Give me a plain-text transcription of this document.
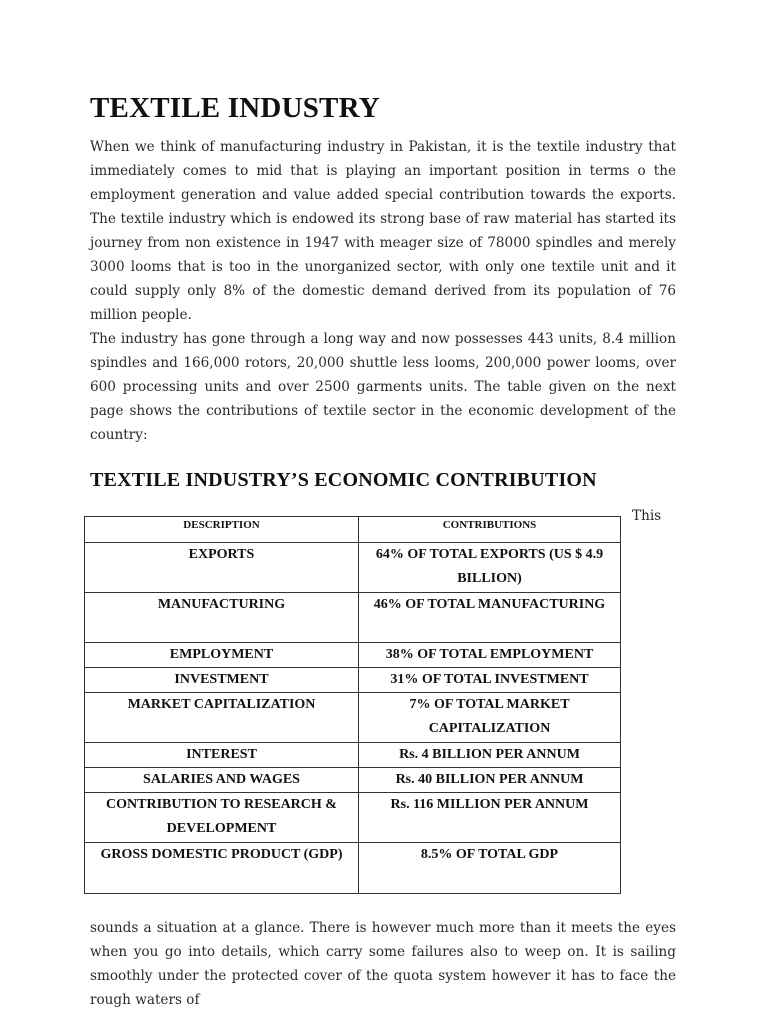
TEXTILE INDUSTRY

When we think of manufacturing industry in Pakistan, it is the textile industry that immediately comes to mid that is playing an important position in terms o the employment generation and value added special contribution towards the exports. The textile industry which is endowed its strong base of raw material has started its journey from non existence in 1947 with meager size of 78000 spindles and merely 3000 looms that is too in the unorganized sector, with only one textile unit and it could supply only 8% of the domestic demand derived from its population of 76 million people.

The industry has gone through a long way and now possesses 443 units, 8.4 million spindles and 166,000 rotors, 20,000 shuttle less looms, 200,000 power looms, over 600 processing units and over 2500 garments units. The table given on the next page shows the contributions of textile sector in the economic development of the country:

TEXTILE INDUSTRY’S ECONOMIC CONTRIBUTION
This
DESCRIPTION	CONTRIBUTIONS
EXPORTS	64% OF TOTAL EXPORTS (US $ 4.9 BILLION)
MANUFACTURING	46% OF TOTAL MANUFACTURING
EMPLOYMENT	38% OF TOTAL EMPLOYMENT
INVESTMENT	31% OF TOTAL INVESTMENT
MARKET CAPITALIZATION	7% OF TOTAL MARKET CAPITALIZATION
INTEREST	Rs. 4 BILLION PER ANNUM
SALARIES AND WAGES	Rs. 40 BILLION PER ANNUM
CONTRIBUTION TO RESEARCH & DEVELOPMENT	Rs. 116 MILLION PER ANNUM
GROSS DOMESTIC PRODUCT (GDP)	8.5% OF TOTAL GDP

sounds a situation at a glance. There is however much more than it meets the eyes when you go into details, which carry some failures also to weep on. It is sailing smoothly under the protected cover of the quota system however it has to face the rough waters of
